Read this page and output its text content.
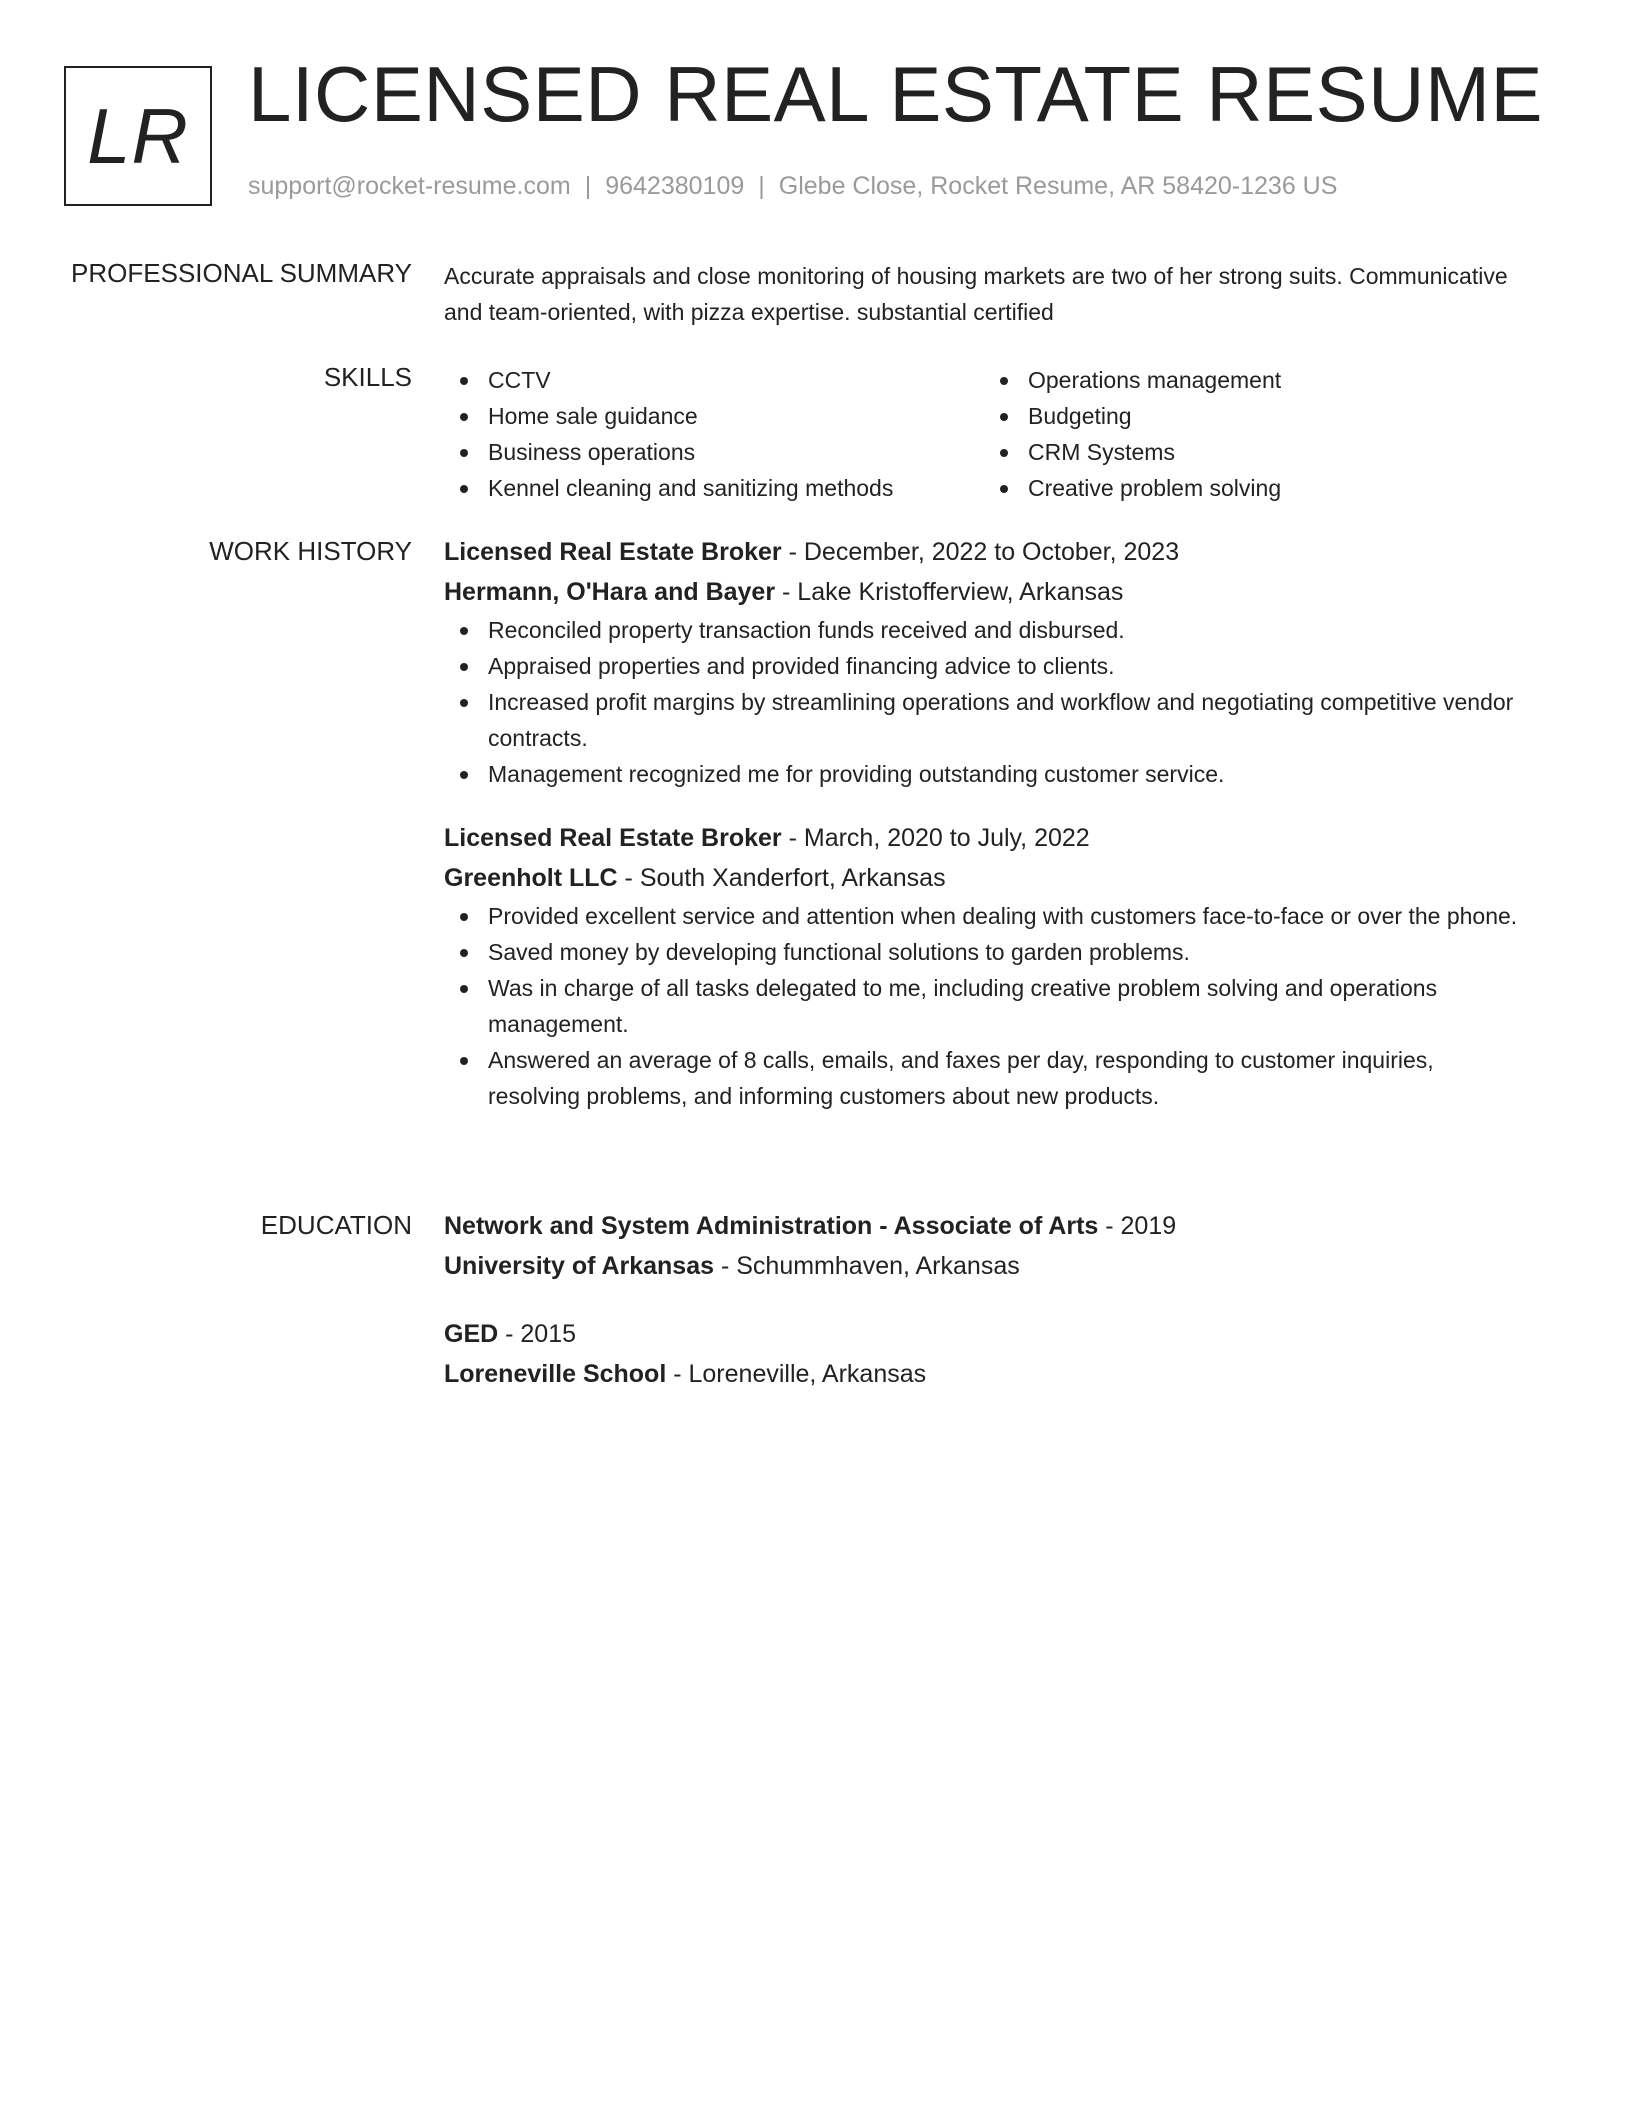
LR LICENSED REAL ESTATE RESUME
support@rocket-resume.com | 9642380109 | Glebe Close, Rocket Resume, AR 58420-1236 US
PROFESSIONAL SUMMARY Accurate appraisals and close monitoring of housing markets are two of her strong suits. Communicative and team-oriented, with pizza expertise. substantial certified

SKILLS	CCTV
Home sale guidance
Business operations
Kennel cleaning and sanitizing methods
Operations management
Budgeting
CRM Systems
Creative problem solving
WORK HISTORY Licensed Real Estate Broker - December, 2022 to October, 2023
Hermann, O'Hara and Bayer - Lake Kristofferview, Arkansas
Reconciled property transaction funds received and disbursed.
Appraised properties and provided financing advice to clients.
Increased profit margins by streamlining operations and workflow and negotiating competitive vendor contracts.
Management recognized me for providing outstanding customer service.
Licensed Real Estate Broker - March, 2020 to July, 2022
Greenholt LLC - South Xanderfort, Arkansas
Provided excellent service and attention when dealing with customers face-to-face or over the phone.
Saved money by developing functional solutions to garden problems.
Was in charge of all tasks delegated to me, including creative problem solving and operations management.
Answered an average of 8 calls, emails, and faxes per day, responding to customer inquiries, resolving problems, and informing customers about new products.
EDUCATION Network and System Administration - Associate of Arts - 2019
University of Arkansas - Schummhaven, Arkansas
GED - 2015
Loreneville School - Loreneville, Arkansas
